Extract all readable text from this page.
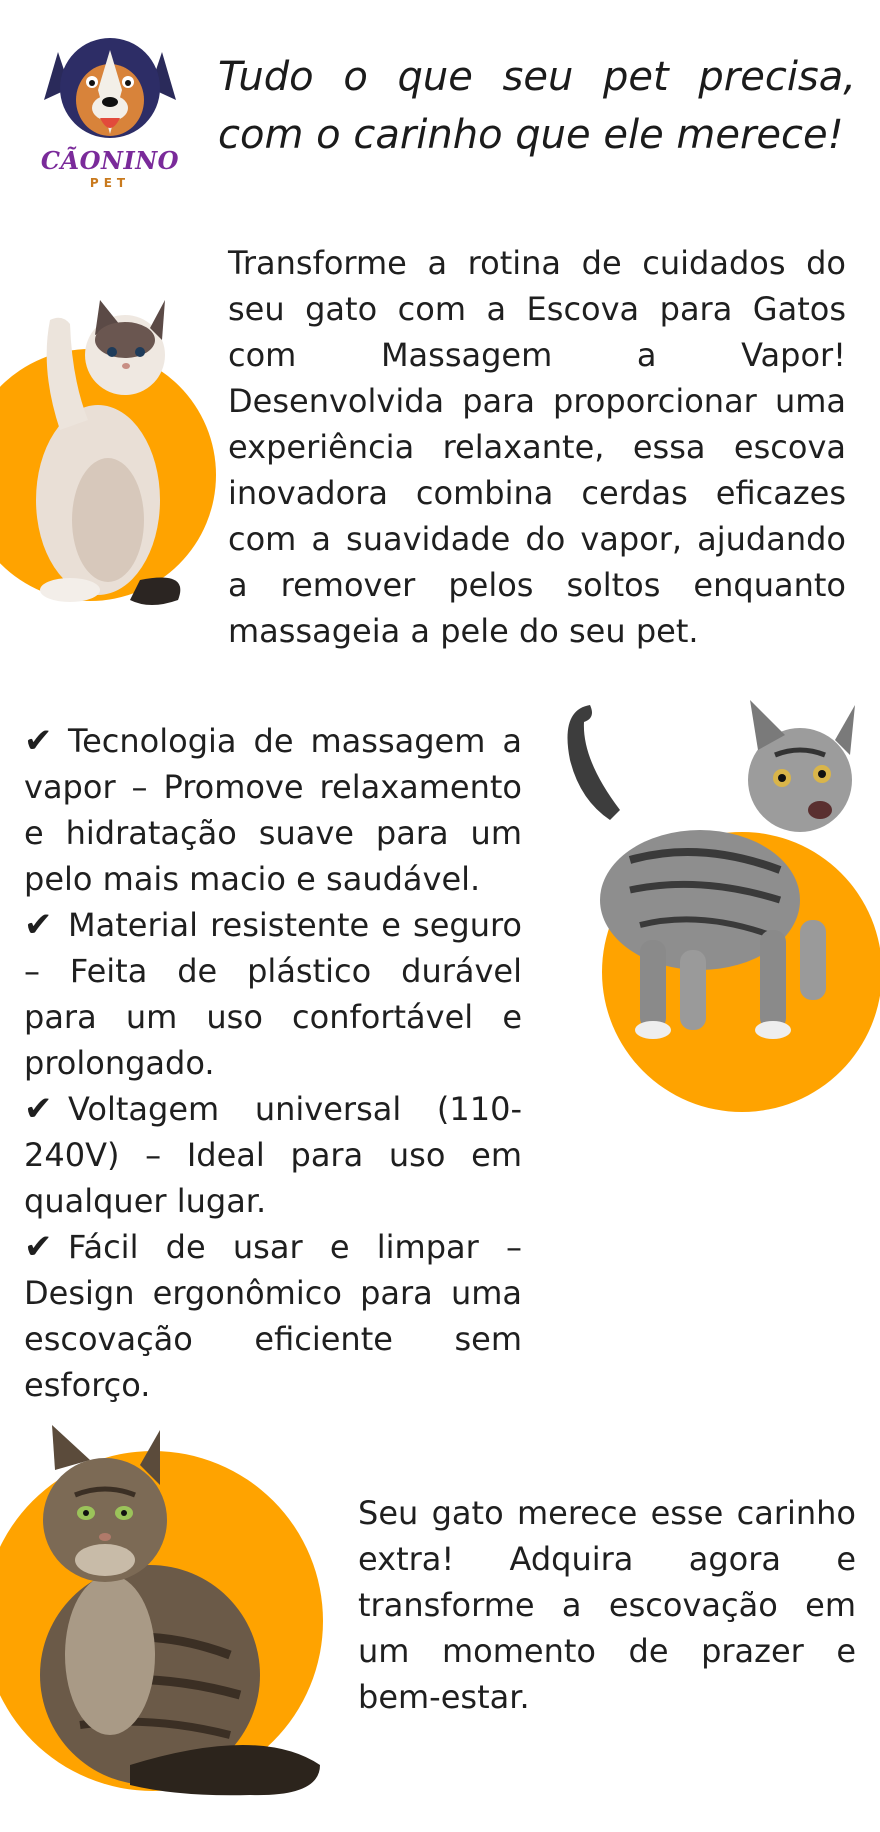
CÃONINO
PET
Tudo o que seu pet precisa, com o carinho que ele merece!

Transforme a rotina de cuidados do seu gato com a Escova para Gatos com Massagem a Vapor! Desenvolvida para proporcionar uma experiência relaxante, essa escova inovadora combina cerdas eficazes com a suavidade do vapor, ajudando a remover pelos soltos enquanto massageia a pele do seu pet.

✔ Tecnologia de massagem a vapor – Promove relaxamento e hidratação suave para um pelo mais macio e saudável.

✔ Material resistente e seguro – Feita de plástico durável para um uso confortável e prolongado.

✔ Voltagem universal (110-240V) – Ideal para uso em qualquer lugar.

✔ Fácil de usar e limpar – Design ergonômico para uma escovação eficiente sem esforço.

Seu gato merece esse carinho extra! Adquira agora e transforme a escovação em um momento de prazer e bem-estar.
